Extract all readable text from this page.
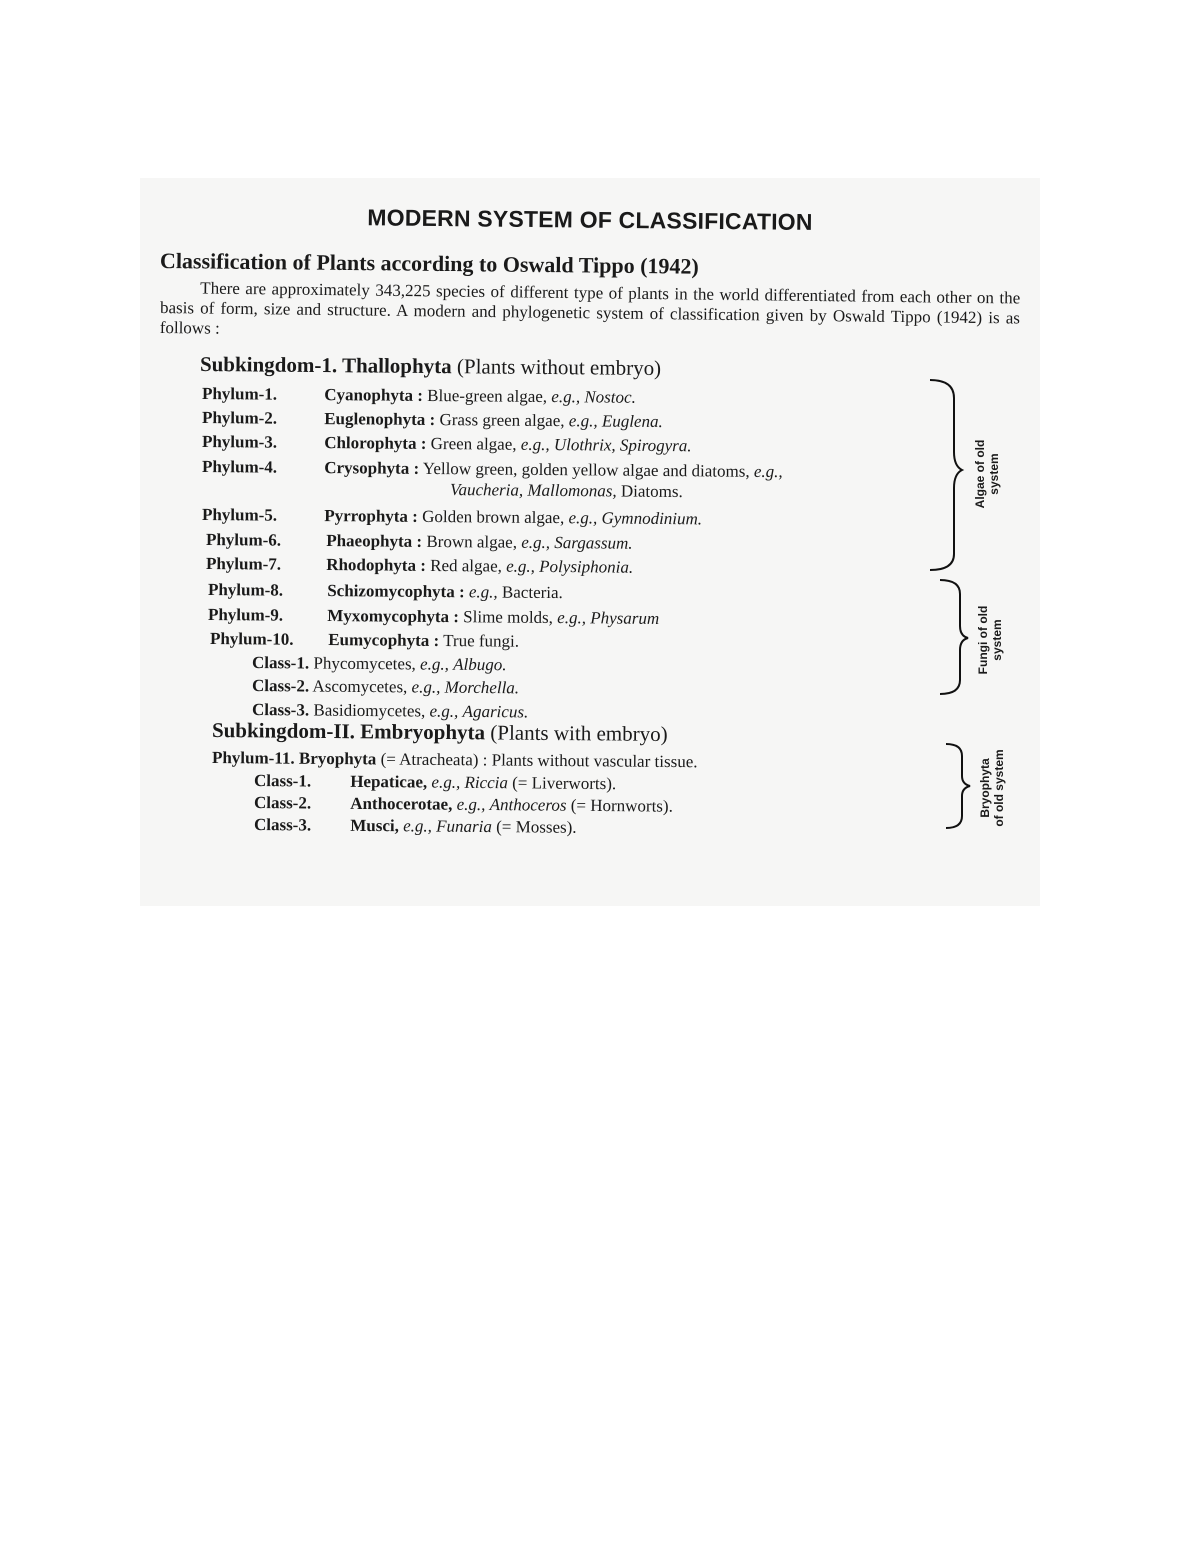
MODERN SYSTEM OF CLASSIFICATION
Classification of Plants according to Oswald Tippo (1942)
There are approximately 343,225 species of different type of plants in the world differentiated from each other on the basis of form, size and structure. A modern and phylogenetic system of classification given by Oswald Tippo (1942) is as follows :
Subkingdom-1. Thallophyta (Plants without embryo)
Phylum-1.	Cyanophyta : Blue-green algae, e.g., Nostoc.
Phylum-2.	Euglenophyta : Grass green algae, e.g., Euglena.
Phylum-3.	Chlorophyta : Green algae, e.g., Ulothrix, Spirogyra.
Phylum-4.	Crysophyta : Yellow green, golden yellow algae and diatoms, e.g.,
Vaucheria, Mallomonas, Diatoms.
Phylum-5.	Pyrrophyta : Golden brown algae, e.g., Gymnodinium.
Phylum-6.	Phaeophyta : Brown algae, e.g., Sargassum.
Phylum-7.	Rhodophyta : Red algae, e.g., Polysiphonia.
Phylum-8.	Schizomycophyta : e.g., Bacteria.
Phylum-9.	Myxomycophyta : Slime molds, e.g., Physarum
Phylum-10. Eumycophyta : True fungi.
Class-1. Phycomycetes, e.g., Albugo.
Class-2. Ascomycetes, e.g., Morchella.
Class-3. Basidiomycetes, e.g., Agaricus.
Subkingdom-II. Embryophyta (Plants with embryo)
Phylum-11. Bryophyta (= Atracheata) : Plants without vascular tissue.
Class-1. Hepaticae, e.g., Riccia (= Liverworts).
Class-2. Anthocerotae, e.g., Anthoceros (= Hornworts).
Class-3. Musci, e.g., Funaria (= Mosses).
Algae of old system
Fungi of old system
Bryophyta of old system
